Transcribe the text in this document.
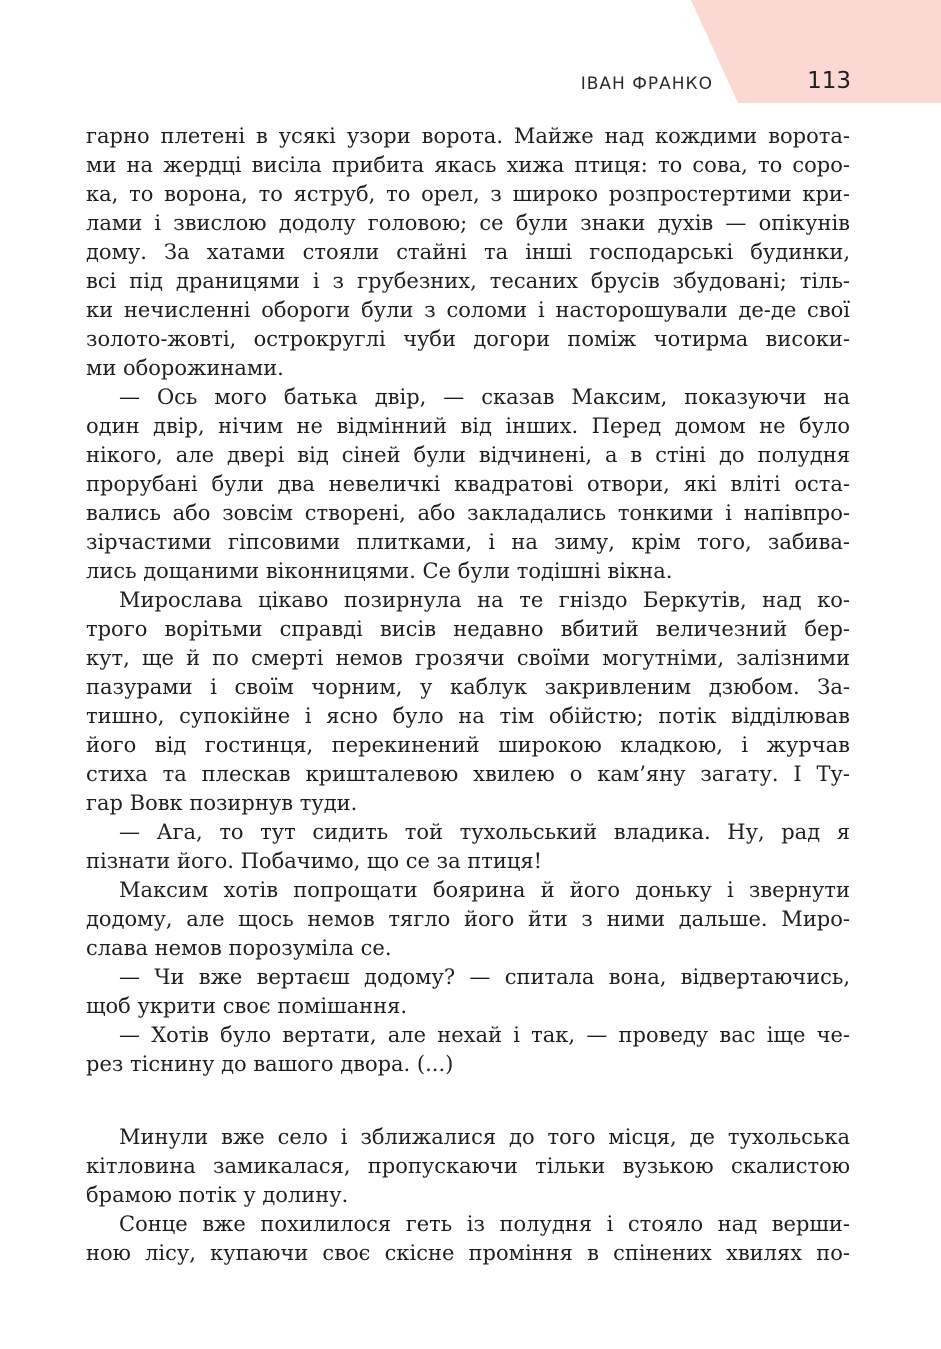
ІВАН ФРАНКО	113
гарно плетені в усякі узори ворота. Майже над кождими ворота-
ми на жердці висіла прибита якась хижа птиця: то сова, то соро-
ка, то ворона, то яструб, то орел, з широко розпростертими кри-
лами і звислою додолу головою; се були знаки духів — опікунів
дому. За хатами стояли стайні та інші господарські будинки,
всі під драницями і з грубезних, тесаних брусів збудовані; тіль-
ки нечисленні обороги були з соломи і насторошували де-де свої
золото-жовті, острокруглі чуби догори поміж чотирма високи-
ми оборожинами.
— Ось мого батька двір, — сказав Максим, показуючи на
один двір, нічим не відмінний від інших. Перед домом не було
нікого, але двері від сіней були відчинені, а в стіні до полудня
прорубані були два невеличкі квадратові отвори, які вліті оста-
вались або зовсім створені, або закладались тонкими і напівпро-
зірчастими гіпсовими плитками, і на зиму, крім того, забива-
лись дощаними віконницями. Се були тодішні вікна.
Мирослава цікаво позирнула на те гніздо Беркутів, над ко-
трого ворітьми справді висів недавно вбитий величезний бер-
кут, ще й по смерті немов грозячи своїми могутніми, залізними
пазурами і своїм чорним, у каблук закривленим дзюбом. За-
тишно, супокійне і ясно було на тім обійстю; потік відділював
його від гостинця, перекинений широкою кладкою, і журчав
стиха та плескав кришталевою хвилею о кам’яну загату. І Ту-
гар Вовк позирнув туди.
— Ага, то тут сидить той тухольський владика. Ну, рад я
пізнати його. Побачимо, що се за птиця!
Максим хотів попрощати боярина й його доньку і звернути
додому, але щось немов тягло його йти з ними дальше. Миро-
слава немов порозуміла се.
— Чи вже вертаєш додому? — спитала вона, відвертаючись,
щоб укрити своє помішання.
— Хотів було вертати, але нехай і так, — проведу вас іще че-
рез тіснину до вашого двора. (...)
Минули вже село і зближалися до того місця, де тухольська
кітловина замикалася, пропускаючи тільки вузькою скалистою
брамою потік у долину.
Сонце вже похилилося геть із полудня і стояло над верши-
ною лісу, купаючи своє скісне проміння в спінених хвилях по-
